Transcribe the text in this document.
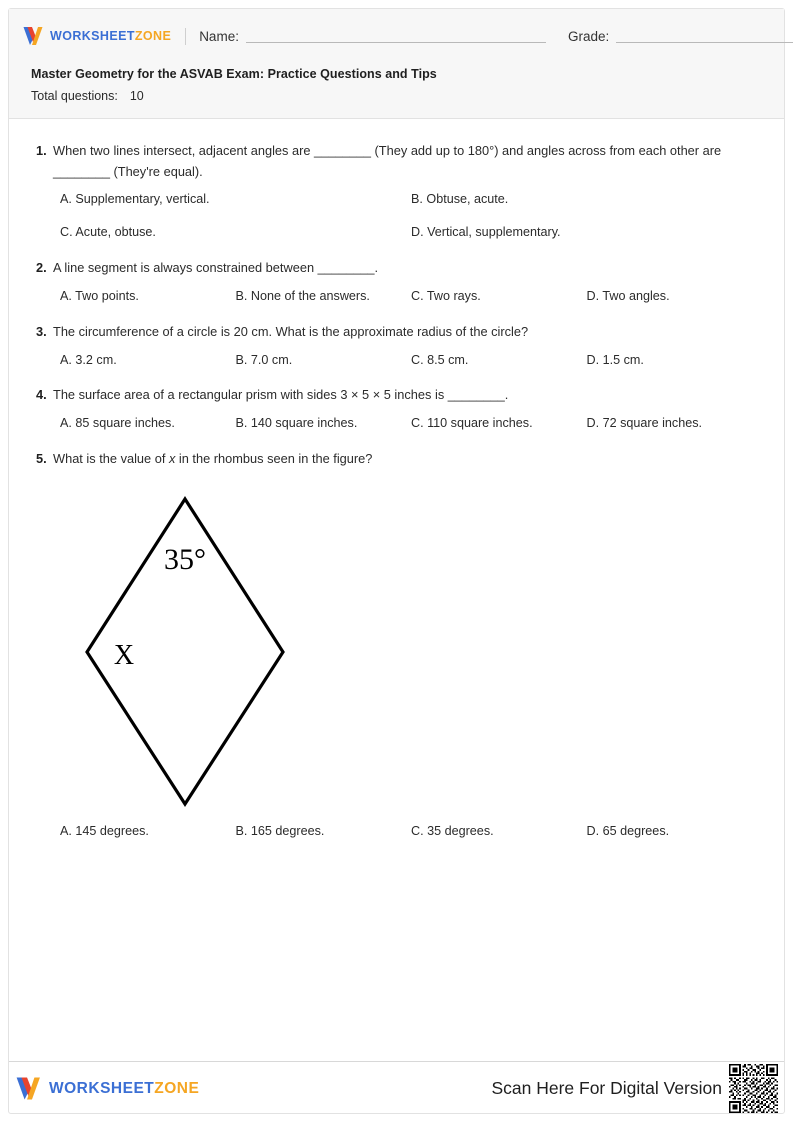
WORKSHEETZONE Name:	Grade:
Master Geometry for the ASVAB Exam: Practice Questions and Tips
Total questions: 10
1. When two lines intersect, adjacent angles are ________ (They add up to 180°) and angles across from each other are ________ (They're equal).
A. Supplementary, vertical.	B. Obtuse, acute.
C. Acute, obtuse.	D. Vertical, supplementary.
2. A line segment is always constrained between ________.
A. Two points.	B. None of the answers.	C. Two rays.	D. Two angles.
3. The circumference of a circle is 20 cm. What is the approximate radius of the circle?
A. 3.2 cm.	B. 7.0 cm.	C. 8.5 cm.	D. 1.5 cm.
4. The surface area of a rectangular prism with sides 3 × 5 × 5 inches is ________.
A. 85 square inches.	B. 140 square inches.	C. 110 square inches.	D. 72 square inches.
5. What is the value of x in the rhombus seen in the figure?
35°
X
A. 145 degrees.	B. 165 degrees.	C. 35 degrees.	D. 65 degrees.
WORKSHEETZONE	Scan Here For Digital Version
